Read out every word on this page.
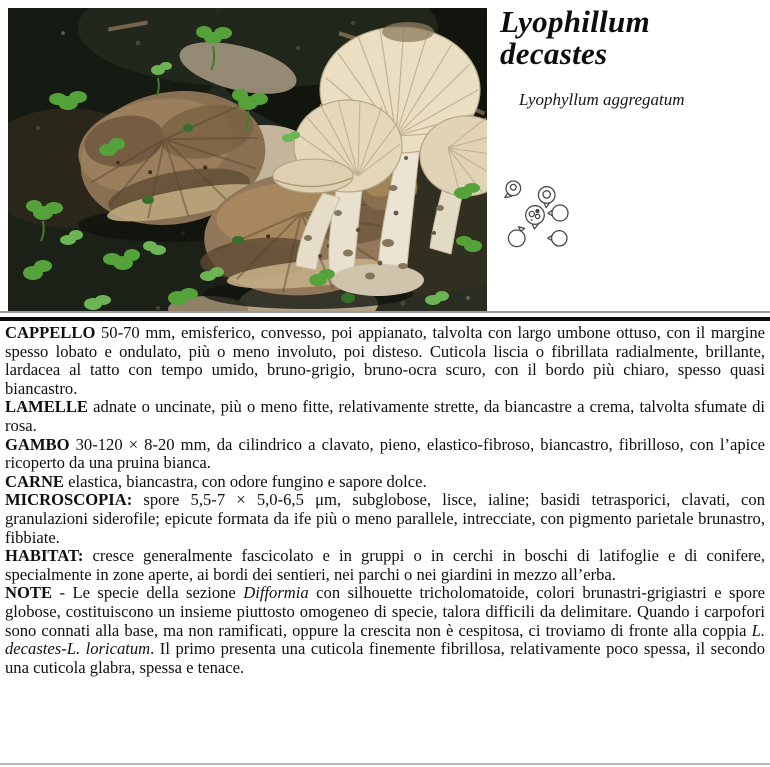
Lyophillum decastes
Lyophyllum aggregatum

CAPPELLO 50-70 mm, emisferico, convesso, poi appianato, talvolta con largo umbone ottuso, con il margine spesso lobato e ondulato, più o meno involuto, poi disteso. Cuticola liscia o fibrillata radialmente, brillante, lardacea al tatto con tempo umido, bruno-grigio, bruno-ocra scuro, con il bordo più chiaro, spesso quasi biancastro.

LAMELLE adnate o uncinate, più o meno fitte, relativamente strette, da biancastre a crema, talvolta sfumate di rosa.

GAMBO 30-120 × 8-20 mm, da cilindrico a clavato, pieno, elastico-fibroso, biancastro, fibrilloso, con l’apice ricoperto da una pruina bianca.

CARNE elastica, biancastra, con odore fungino e sapore dolce.

MICROSCOPIA: spore 5,5-7 × 5,0-6,5 μm, subglobose, lisce, ialine; basidi tetrasporici, clavati, con granulazioni siderofile; epicute formata da ife più o meno parallele, intrecciate, con pigmento parietale brunastro, fibbiate.

HABITAT: cresce generalmente fascicolato e in gruppi o in cerchi in boschi di latifoglie e di conifere, specialmente in zone aperte, ai bordi dei sentieri, nei parchi o nei giardini in mezzo all’erba.

NOTE - Le specie della sezione Difformia con silhouette tricholomatoide, colori brunastri-grigiastri e spore globose, costituiscono un insieme piuttosto omogeneo di specie, talora difficili da delimitare. Quando i carpofori sono connati alla base, ma non ramificati, oppure la crescita non è cespitosa, ci troviamo di fronte alla coppia L. decastes-L. loricatum. Il primo presenta una cuticola finemente fibrillosa, relativamente poco spessa, il secondo una cuticola glabra, spessa e tenace.
